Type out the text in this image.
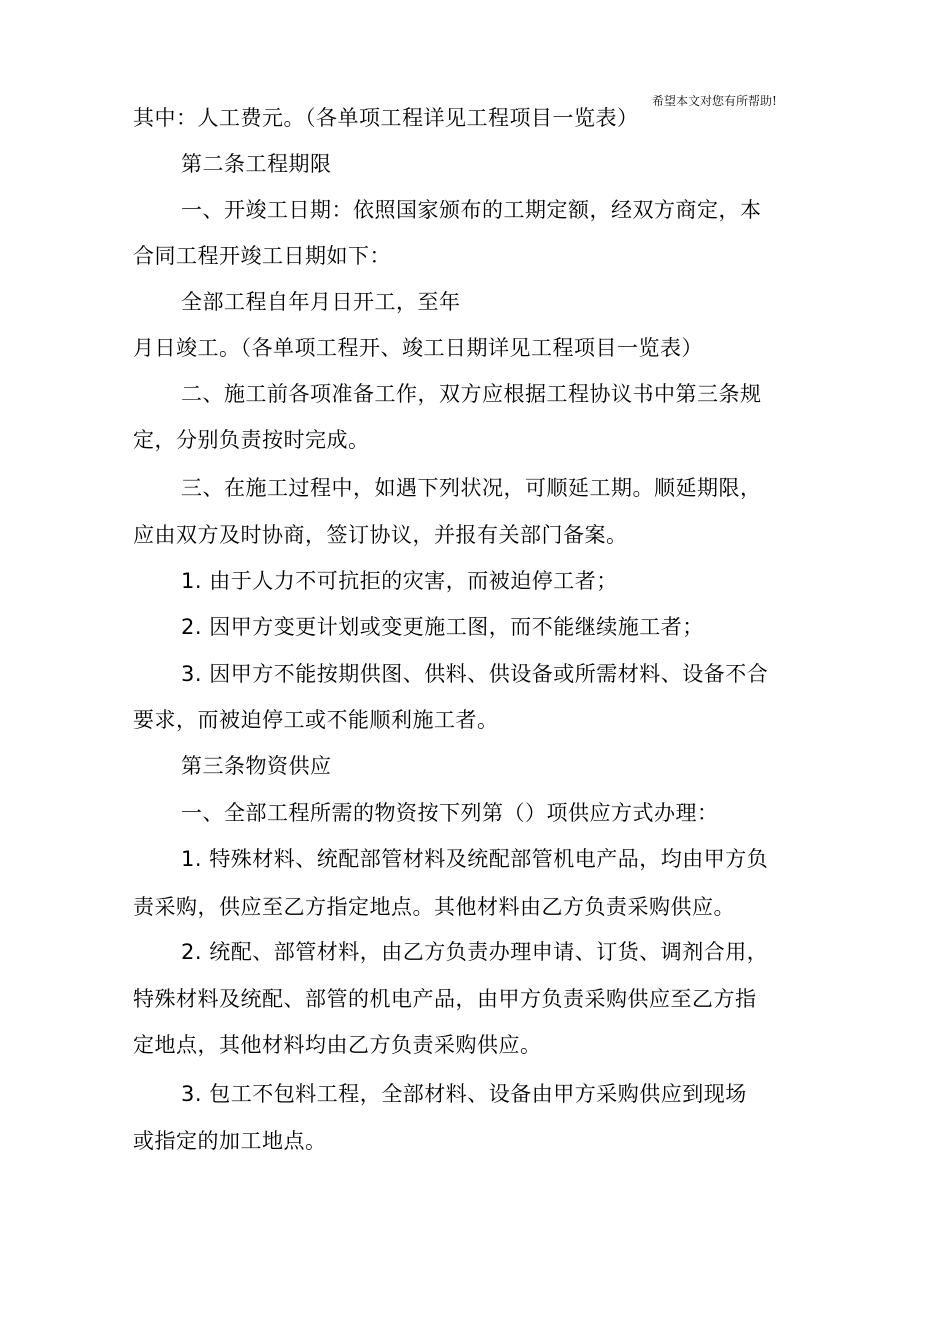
希望本文对您有所帮助!
其中：人工费元。（各单项工程详见工程项目一览表）
第二条工程期限
一、开竣工日期：依照国家颁布的工期定额，经双方商定，本
合同工程开竣工日期如下：
全部工程自年月日开工，至年
月日竣工。（各单项工程开、竣工日期详见工程项目一览表）
二、施工前各项准备工作，双方应根据工程协议书中第三条规
定，分别负责按时完成。
三、在施工过程中，如遇下列状况，可顺延工期。顺延期限，
应由双方及时协商，签订协议，并报有关部门备案。
1. 由于人力不可抗拒的灾害，而被迫停工者；
2. 因甲方变更计划或变更施工图，而不能继续施工者；
3. 因甲方不能按期供图、供料、供设备或所需材料、设备不合
要求，而被迫停工或不能顺利施工者。
第三条物资供应
一、全部工程所需的物资按下列第（）项供应方式办理：
1. 特殊材料、统配部管材料及统配部管机电产品，均由甲方负
责采购，供应至乙方指定地点。其他材料由乙方负责采购供应。
2. 统配、部管材料，由乙方负责办理申请、订货、调剂合用，
特殊材料及统配、部管的机电产品，由甲方负责采购供应至乙方指
定地点，其他材料均由乙方负责采购供应。
3. 包工不包料工程，全部材料、设备由甲方采购供应到现场
或指定的加工地点。
